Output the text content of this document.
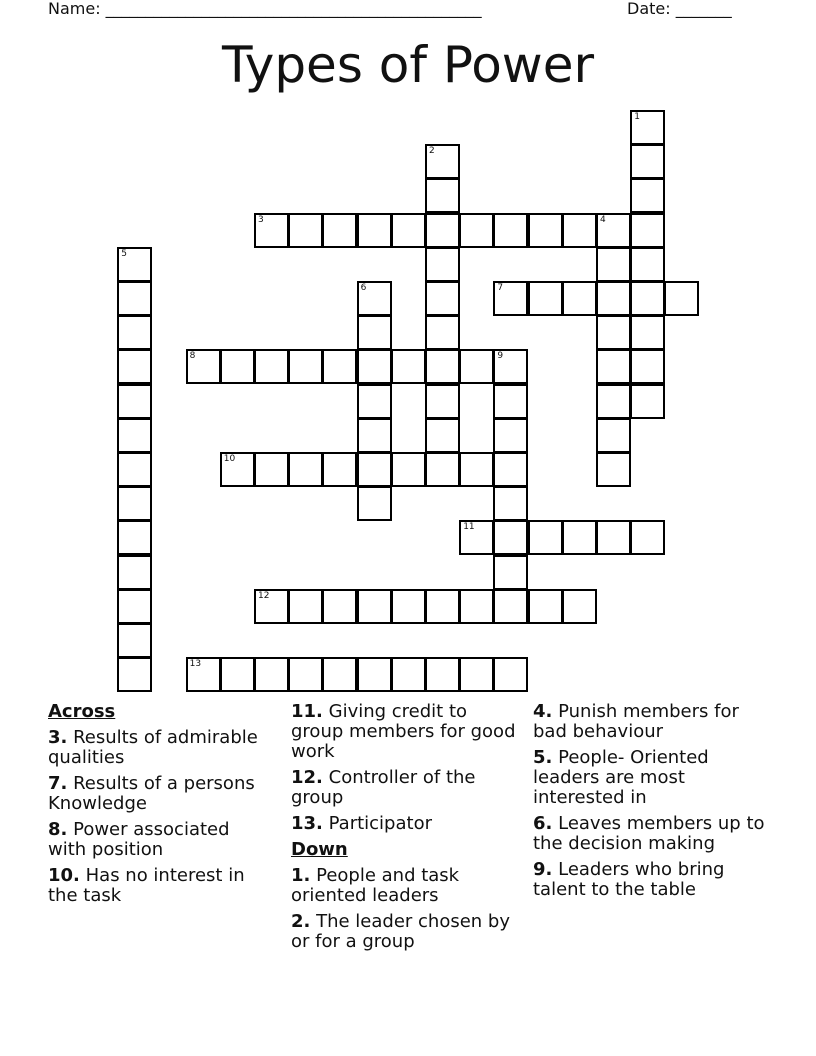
Name: _______________________________________________	Date: _______
Types of Power
1
2
3	4
5
6	7
8	9
10
11
12
13
Across
3. Results of admirable qualities
7. Results of a persons Knowledge
8. Power associated with position
10. Has no interest in the task
11. Giving credit to group members for good work
12. Controller of the group
13. Participator
Down
1. People and task oriented leaders
2. The leader chosen by or for a group
4. Punish members for bad behaviour
5. People- Oriented leaders are most interested in
6. Leaves members up to the decision making
9. Leaders who bring talent to the table
